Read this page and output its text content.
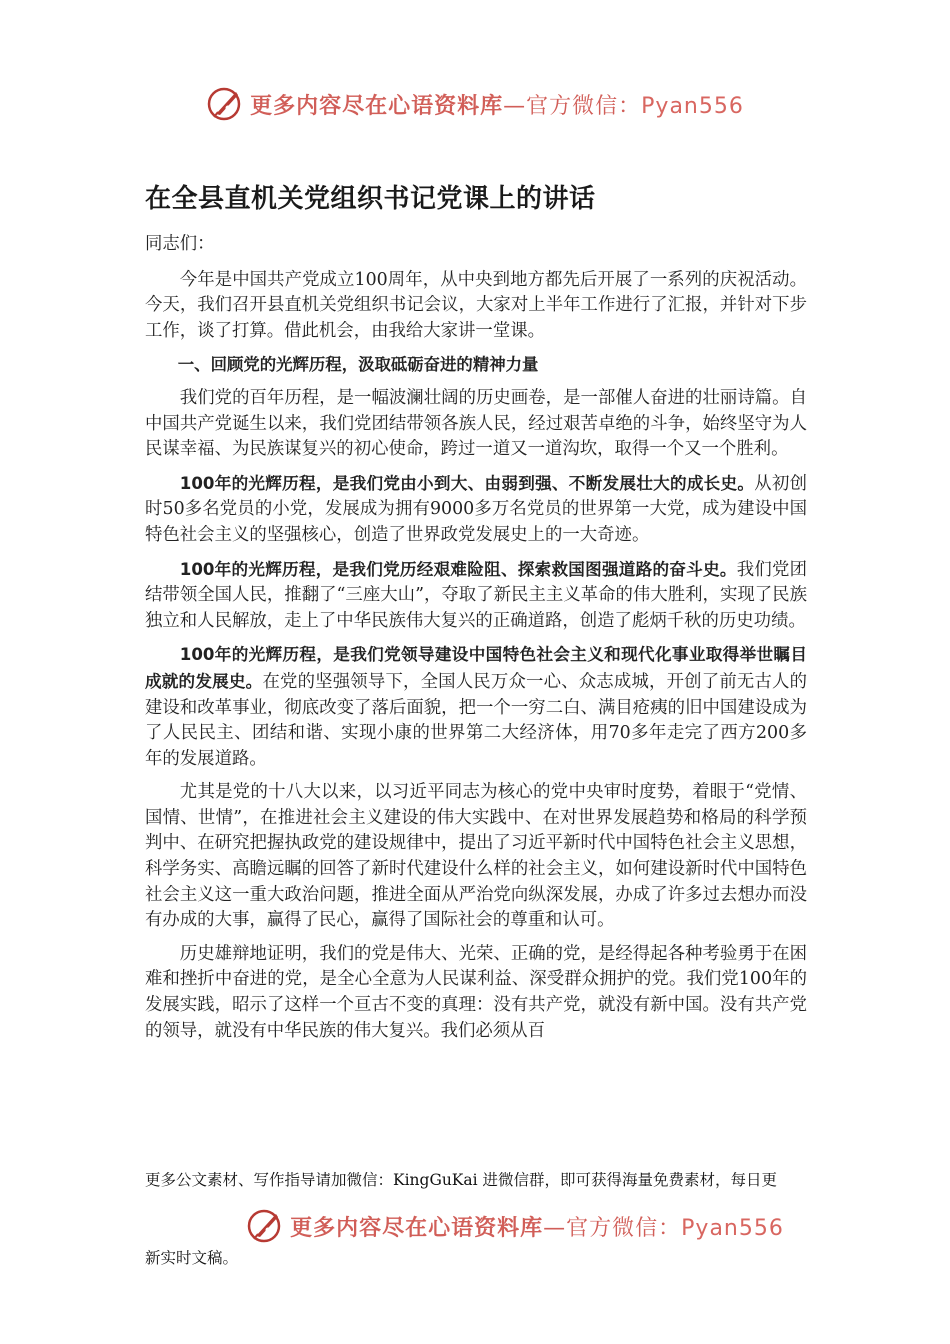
更多内容尽在心语资料库—官方微信：Pyan556
在全县直机关党组织书记党课上的讲话

同志们：

今年是中国共产党成立100周年，从中央到地方都先后开展了一系列的庆祝活动。今天，我们召开县直机关党组织书记会议，大家对上半年工作进行了汇报，并针对下步工作，谈了打算。借此机会，由我给大家讲一堂课。

一、回顾党的光辉历程，汲取砥砺奋进的精神力量

我们党的百年历程，是一幅波澜壮阔的历史画卷，是一部催人奋进的壮丽诗篇。自中国共产党诞生以来，我们党团结带领各族人民，经过艰苦卓绝的斗争，始终坚守为人民谋幸福、为民族谋复兴的初心使命，跨过一道又一道沟坎，取得一个又一个胜利。

100年的光辉历程，是我们党由小到大、由弱到强、不断发展壮大的成长史。从初创时50多名党员的小党，发展成为拥有9000多万名党员的世界第一大党，成为建设中国特色社会主义的坚强核心，创造了世界政党发展史上的一大奇迹。

100年的光辉历程，是我们党历经艰难险阻、探索救国图强道路的奋斗史。我们党团结带领全国人民，推翻了“三座大山”，夺取了新民主主义革命的伟大胜利，实现了民族独立和人民解放，走上了中华民族伟大复兴的正确道路，创造了彪炳千秋的历史功绩。

100年的光辉历程，是我们党领导建设中国特色社会主义和现代化事业取得举世瞩目成就的发展史。在党的坚强领导下，全国人民万众一心、众志成城，开创了前无古人的建设和改革事业，彻底改变了落后面貌，把一个一穷二白、满目疮痍的旧中国建设成为了人民民主、团结和谐、实现小康的世界第二大经济体，用70多年走完了西方200多年的发展道路。

尤其是党的十八大以来，以习近平同志为核心的党中央审时度势，着眼于“党情、国情、世情”，在推进社会主义建设的伟大实践中、在对世界发展趋势和格局的科学预判中、在研究把握执政党的建设规律中，提出了习近平新时代中国特色社会主义思想，科学务实、高瞻远瞩的回答了新时代建设什么样的社会主义，如何建设新时代中国特色社会主义这一重大政治问题，推进全面从严治党向纵深发展，办成了许多过去想办而没有办成的大事，赢得了民心，赢得了国际社会的尊重和认可。

历史雄辩地证明，我们的党是伟大、光荣、正确的党，是经得起各种考验勇于在困难和挫折中奋进的党，是全心全意为人民谋利益、深受群众拥护的党。我们党100年的发展实践，昭示了这样一个亘古不变的真理：没有共产党，就没有新中国。没有共产党的领导，就没有中华民族的伟大复兴。我们必须从百

更多公文素材、写作指导请加微信：KingGuKai 进微信群，即可获得海量免费素材，每日更
更多内容尽在心语资料库—官方微信：Pyan556
新实时文稿。
